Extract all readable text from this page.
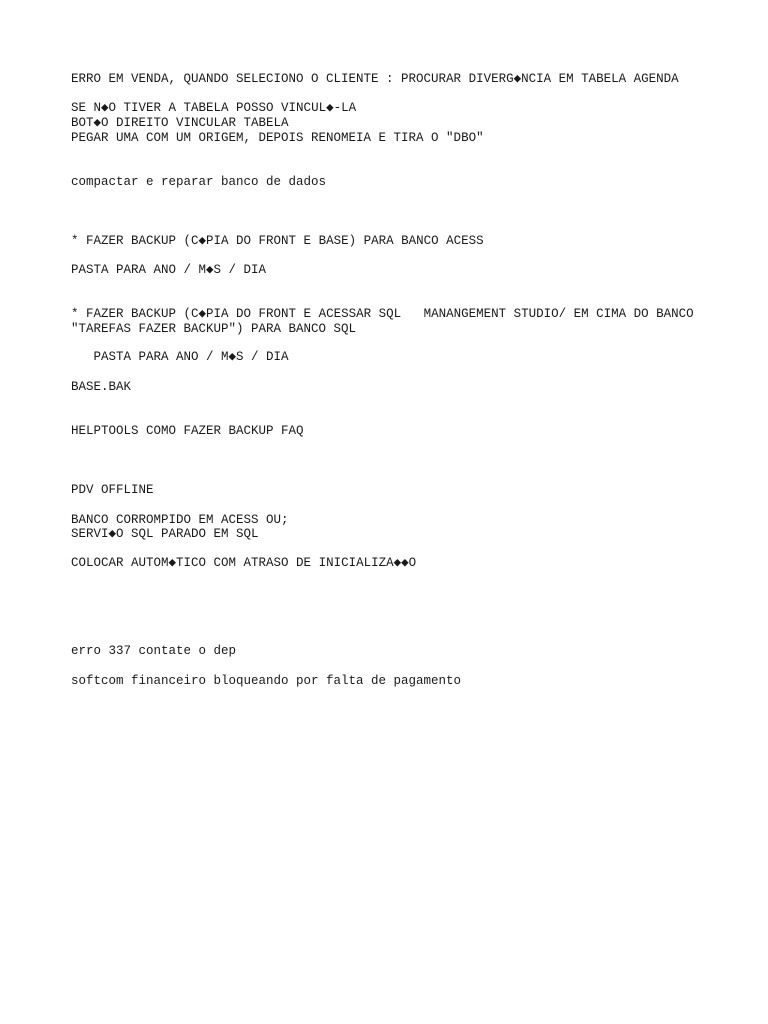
ERRO EM VENDA, QUANDO SELECIONO O CLIENTE : PROCURAR DIVERG◆NCIA EM TABELA AGENDA

SE N◆O TIVER A TABELA POSSO VINCUL◆-LA

BOT◆O DIREITO VINCULAR TABELA

PEGAR UMA COM UM ORIGEM, DEPOIS RENOMEIA E TIRA O "DBO"

compactar e reparar banco de dados

* FAZER BACKUP (C◆PIA DO FRONT E BASE) PARA BANCO ACESS

PASTA PARA ANO / M◆S / DIA

* FAZER BACKUP (C◆PIA DO FRONT E ACESSAR SQL   MANANGEMENT STUDIO/ EM CIMA DO BANCO

"TAREFAS FAZER BACKUP") PARA BANCO SQL

PASTA PARA ANO / M◆S / DIA

BASE.BAK

HELPTOOLS COMO FAZER BACKUP FAQ

PDV OFFLINE

BANCO CORROMPIDO EM ACESS OU;

SERVI◆O SQL PARADO EM SQL

COLOCAR AUTOM◆TICO COM ATRASO DE INICIALIZA◆◆O

erro 337 contate o dep

softcom financeiro bloqueando por falta de pagamento
